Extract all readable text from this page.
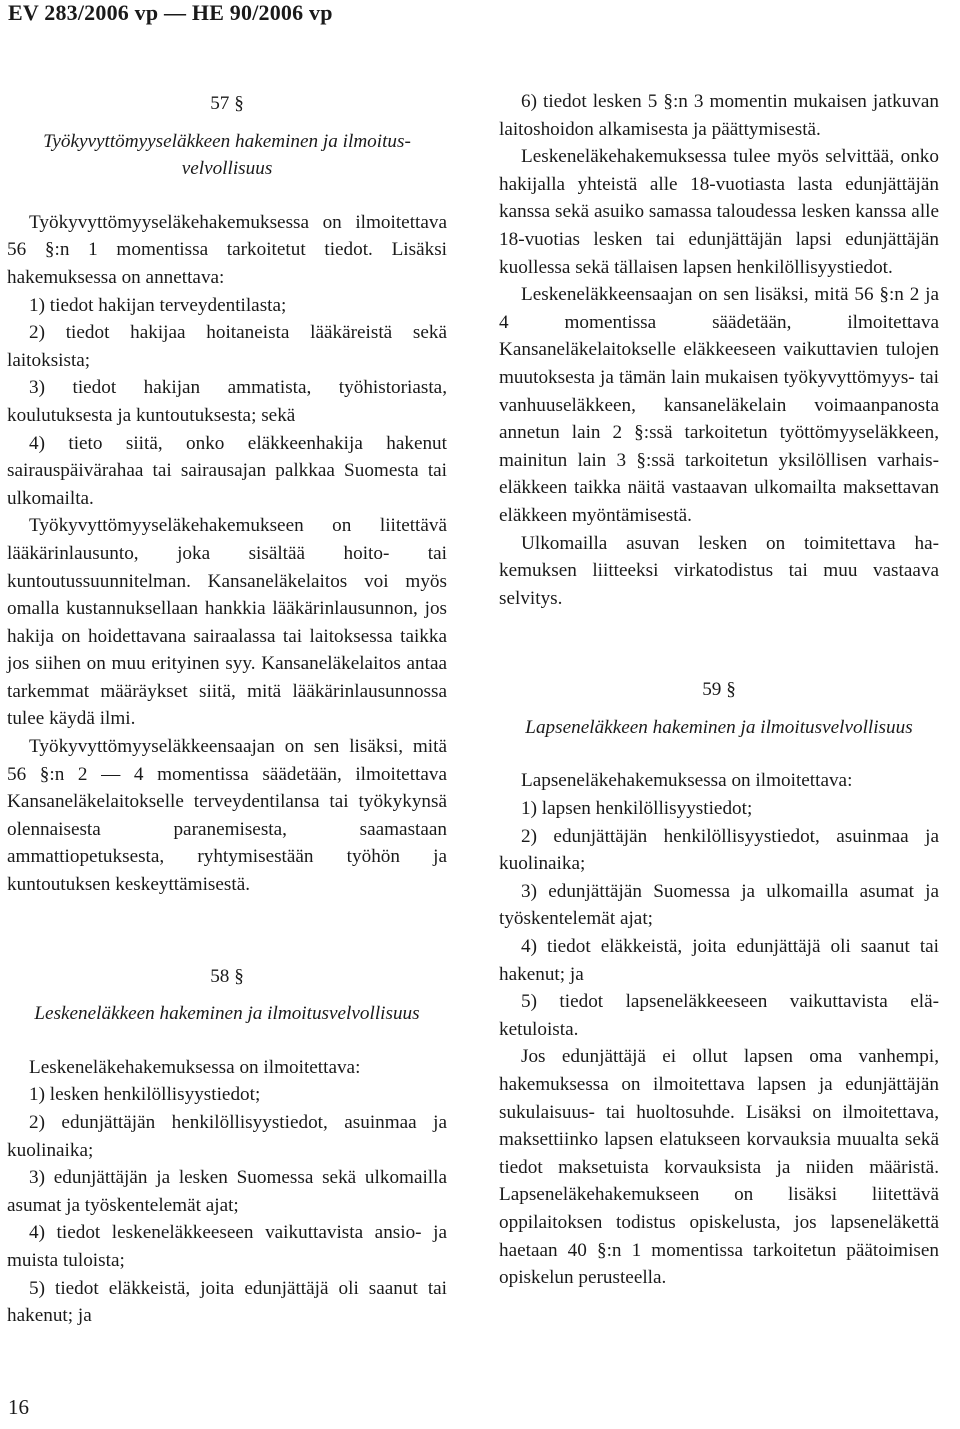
EV 283/2006 vp — HE 90/2006 vp
57 §
Työkyvyttömyyseläkkeen hakeminen ja ilmoitusvelvollisuus

Työkyvyttömyyseläkehakemuksessa on ilmoitettava 56 §:n 1 momentissa tarkoitetut tiedot. Lisäksi hakemuksessa on annettava:

1) tiedot hakijan terveydentilasta;

2) tiedot hakijaa hoitaneista lääkäreistä sekä laitoksista;

3) tiedot hakijan ammatista, työhistoriasta, koulutuksesta ja kuntoutuksesta; sekä

4) tieto siitä, onko eläkkeenhakija hakenut sairauspäivärahaa tai sairausajan palkkaa Suomesta tai ulkomailta.

Työkyvyttömyyseläkehakemukseen on liitettävä lääkärinlausunto, joka sisältää hoito- tai kuntoutussuunnitelman. Kansaneläkelaitos voi myös omalla kustannuksellaan hankkia lääkärinlausunnon, jos hakija on hoidettavana sairaalassa tai laitoksessa taikka jos siihen on muu erityinen syy. Kansaneläkelaitos antaa tarkemmat määräykset siitä, mitä lääkärinlausunnossa tulee käydä ilmi.

Työkyvyttömyyseläkkeensaajan on sen lisäksi, mitä 56 §:n 2 — 4 momentissa säädetään, ilmoitettava Kansaneläkelaitokselle terveydentilansa tai työkykynsä olennaisesta paranemisesta, saamastaan ammattiopetuksesta, ryhtymisestään työhön ja kuntoutuksen keskeyttämisestä.

58 §
Leskeneläkkeen hakeminen ja ilmoitusvelvollisuus

Leskeneläkehakemuksessa on ilmoitettava:

1) lesken henkilöllisyystiedot;

2) edunjättäjän henkilöllisyystiedot, asuinmaa ja kuolinaika;

3) edunjättäjän ja lesken Suomessa sekä ulkomailla asumat ja työskentelemät ajat;

4) tiedot leskeneläkkeeseen vaikuttavista ansio- ja muista tuloista;

5) tiedot eläkkeistä, joita edunjättäjä oli saanut tai hakenut; ja

6) tiedot lesken 5 §:n 3 momentin mukaisen jatkuvan laitoshoidon alkamisesta ja päättymisestä.

Leskeneläkehakemuksessa tulee myös selvittää, onko hakijalla yhteistä alle 18-vuotiasta lasta edunjättäjän kanssa sekä asuiko samassa taloudessa lesken kanssa alle 18-vuotias lesken tai edunjättäjän lapsi edunjättäjän kuollessa sekä tällaisen lapsen henkilöllisyystiedot.

Leskeneläkkeensaajan on sen lisäksi, mitä 56 §:n 2 ja 4 momentissa säädetään, ilmoitettava Kansaneläkelaitokselle eläkkeeseen vaikuttavien tulojen muutoksesta ja tämän lain mukaisen työkyvyttömyys- tai vanhuuseläkkeen, kansaneläkelain voimaanpanosta annetun lain 2 §:ssä tarkoitetun työttömyyseläkkeen, mainitun lain 3 §:ssä tarkoitetun yksilöllisen varhaiseläkkeen taikka näitä vastaavan ulkomailta maksettavan eläkkeen myöntämisestä.

Ulkomailla asuvan lesken on toimitettava hakemuksen liitteeksi virkatodistus tai muu vastaava selvitys.

59 §
Lapseneläkkeen hakeminen ja ilmoitusvelvollisuus

Lapseneläkehakemuksessa on ilmoitettava:

1) lapsen henkilöllisyystiedot;

2) edunjättäjän henkilöllisyystiedot, asuinmaa ja kuolinaika;

3) edunjättäjän Suomessa ja ulkomailla asumat ja työskentelemät ajat;

4) tiedot eläkkeistä, joita edunjättäjä oli saanut tai hakenut; ja

5) tiedot lapseneläkkeeseen vaikuttavista eläketuloista.

Jos edunjättäjä ei ollut lapsen oma vanhempi, hakemuksessa on ilmoitettava lapsen ja edunjättäjän sukulaisuus- tai huoltosuhde. Lisäksi on ilmoitettava, maksettiinko lapsen elatukseen korvauksia muualta sekä tiedot maksetuista korvauksista ja niiden määristä. Lapseneläkehakemukseen on lisäksi liitettävä oppilaitoksen todistus opiskelusta, jos lapseneläkettä haetaan 40 §:n 1 momentissa tarkoitetun päätoimisen opiskelun perusteella.

16
